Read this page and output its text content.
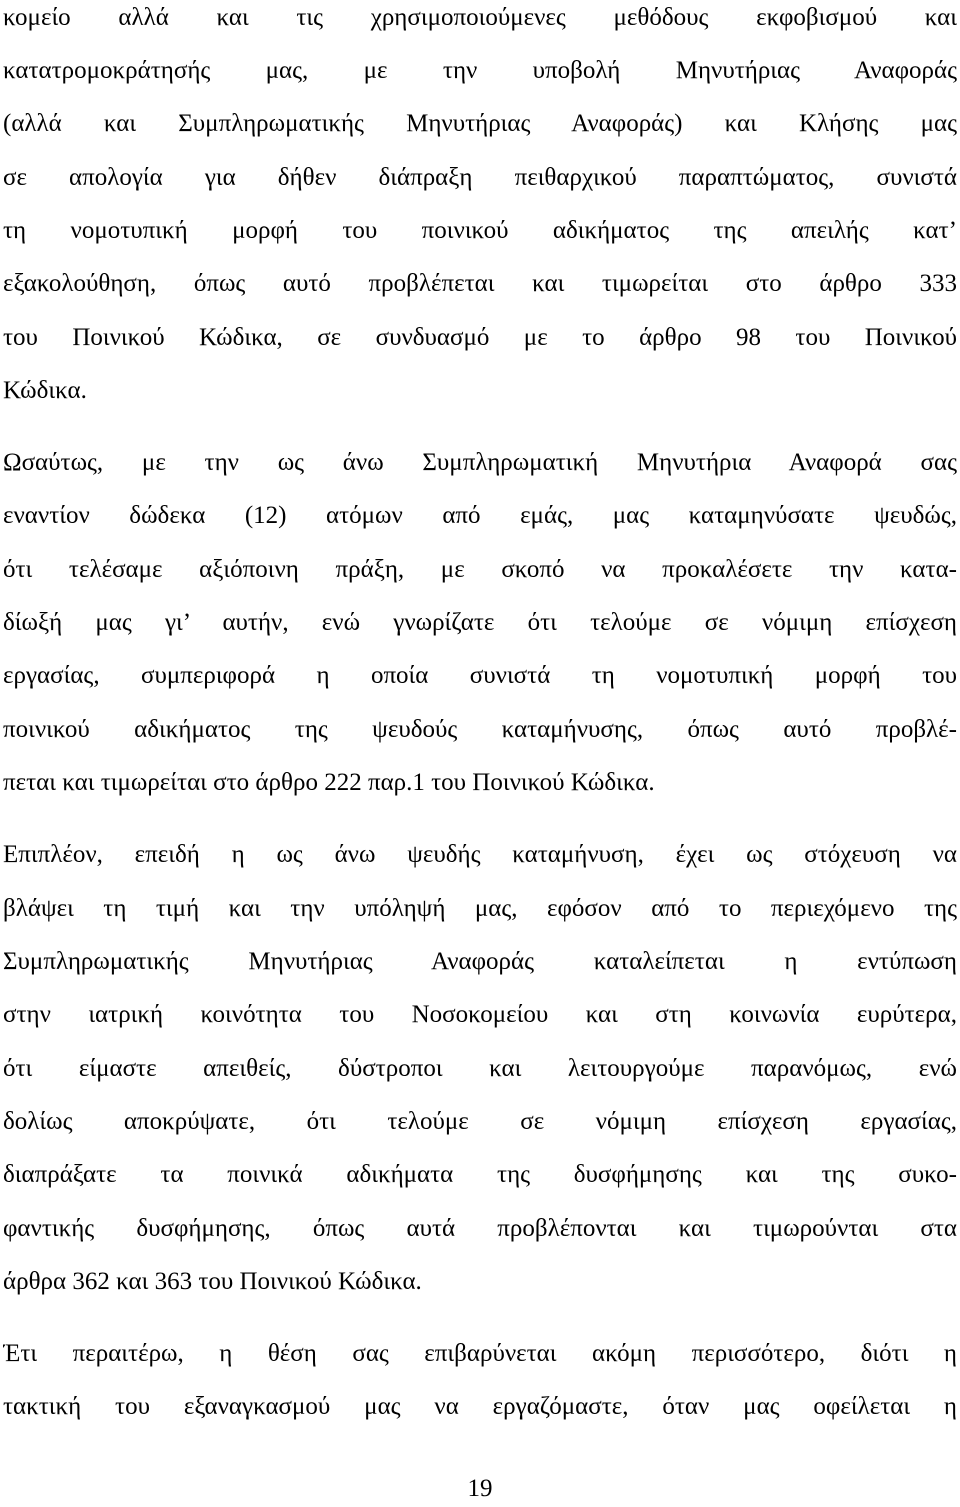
κομείο αλλά και τις χρησιμοποιούμενες μεθόδους εκφοβισμού και
κατατρομοκράτησής μας, με την υποβολή Μηνυτήριας Αναφοράς
(αλλά και Συμπληρωματικής Μηνυτήριας Αναφοράς) και Κλήσης μας
σε απολογία για δήθεν διάπραξη πειθαρχικού παραπτώματος, συνιστά
τη νομοτυπική μορφή του ποινικού αδικήματος της απειλής κατ’
εξακολούθηση, όπως αυτό προβλέπεται και τιμωρείται στο άρθρο 333
του Ποινικού Κώδικα, σε συνδυασμό με το άρθρο 98 του Ποινικού
Κώδικα.
Ωσαύτως, με την ως άνω Συμπληρωματική Μηνυτήρια Αναφορά σας
εναντίον δώδεκα (12) ατόμων από εμάς, μας καταμηνύσατε ψευδώς,
ότι τελέσαμε αξιόποινη πράξη, με σκοπό να προκαλέσετε την κατα-
δίωξή μας γι’ αυτήν, ενώ γνωρίζατε ότι τελούμε σε νόμιμη επίσχεση
εργασίας, συμπεριφορά η οποία συνιστά τη νομοτυπική μορφή του
ποινικού αδικήματος της ψευδούς καταμήνυσης, όπως αυτό προβλέ-
πεται και τιμωρείται στο άρθρο 222 παρ.1 του Ποινικού Κώδικα.
Επιπλέον, επειδή η ως άνω ψευδής καταμήνυση, έχει ως στόχευση να
βλάψει τη τιμή και την υπόληψή μας, εφόσον από το περιεχόμενο της
Συμπληρωματικής Μηνυτήριας Αναφοράς καταλείπεται η εντύπωση
στην ιατρική κοινότητα του Νοσοκομείου και στη κοινωνία ευρύτερα,
ότι είμαστε απειθείς, δύστροποι και λειτουργούμε παρανόμως, ενώ
δολίως αποκρύψατε, ότι τελούμε σε νόμιμη επίσχεση εργασίας,
διαπράξατε τα ποινικά αδικήματα της δυσφήμησης και της συκο-
φαντικής δυσφήμησης, όπως αυτά προβλέπονται και τιμωρούνται στα
άρθρα 362 και 363 του Ποινικού Κώδικα.
Έτι περαιτέρω, η θέση σας επιβαρύνεται ακόμη περισσότερο, διότι η
τακτική του εξαναγκασμού μας να εργαζόμαστε, όταν μας οφείλεται η
19
